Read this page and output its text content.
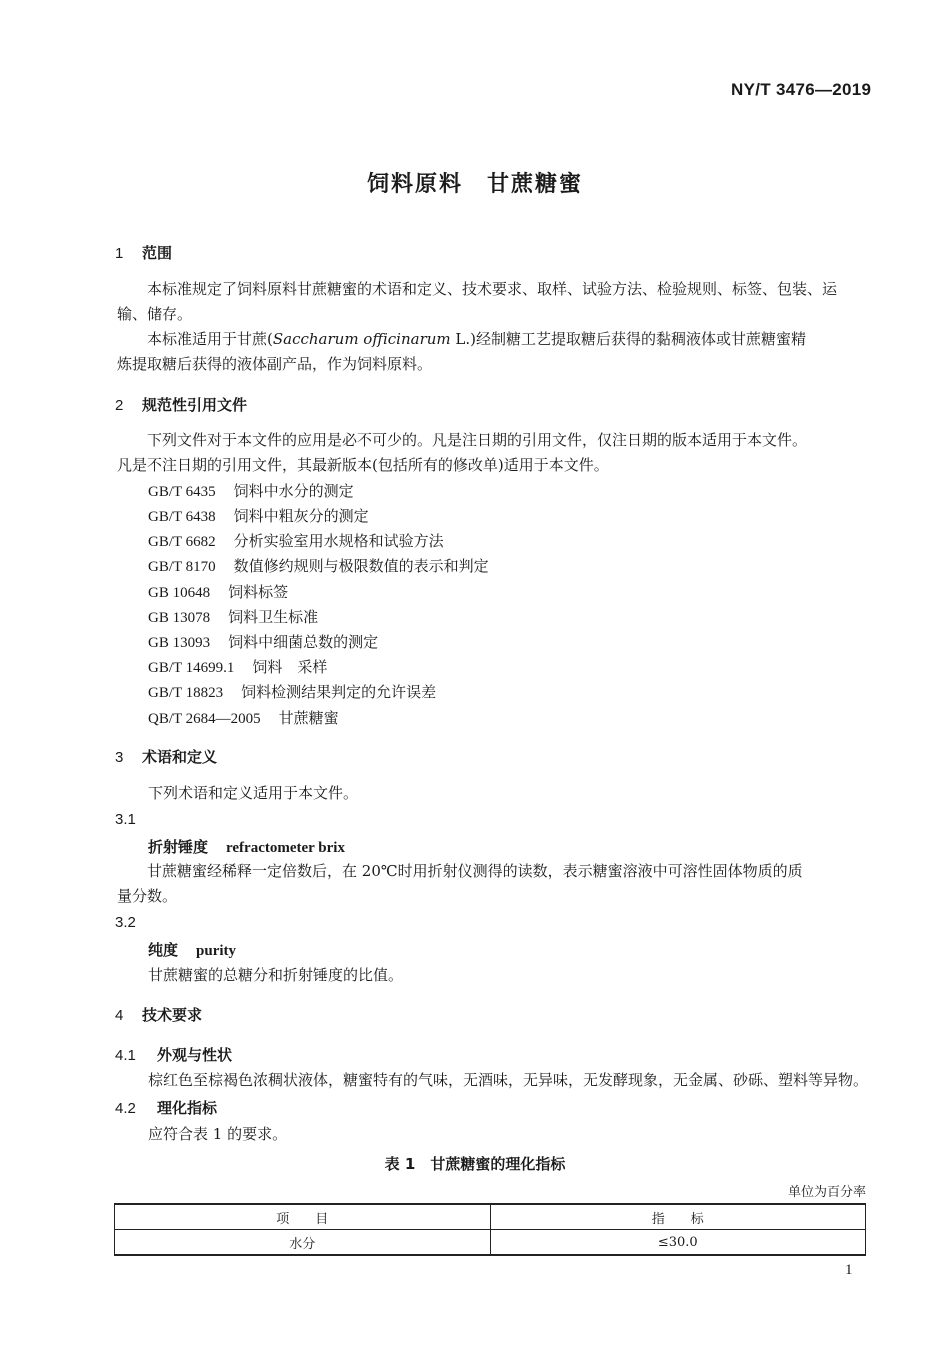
NY/T 3476—2019
饲料原料　甘蔗糖蜜
1 范围
本标准规定了饲料原料甘蔗糖蜜的术语和定义、技术要求、取样、试验方法、检验规则、标签、包装、运
输、储存。
本标准适用于甘蔗(Saccharum officinarum L.)经制糖工艺提取糖后获得的黏稠液体或甘蔗糖蜜精
炼提取糖后获得的液体副产品，作为饲料原料。
2 规范性引用文件
下列文件对于本文件的应用是必不可少的。凡是注日期的引用文件，仅注日期的版本适用于本文件。
凡是不注日期的引用文件，其最新版本(包括所有的修改单)适用于本文件。
GB/T 6435 饲料中水分的测定
GB/T 6438 饲料中粗灰分的测定
GB/T 6682 分析实验室用水规格和试验方法
GB/T 8170 数值修约规则与极限数值的表示和判定
GB 10648 饲料标签
GB 13078 饲料卫生标准
GB 13093 饲料中细菌总数的测定
GB/T 14699.1 饲料　采样
GB/T 18823 饲料检测结果判定的允许误差
QB/T 2684—2005 甘蔗糖蜜
3 术语和定义
下列术语和定义适用于本文件。
3.1
折射锤度 refractometer brix
甘蔗糖蜜经稀释一定倍数后，在 20℃时用折射仪测得的读数，表示糖蜜溶液中可溶性固体物质的质
量分数。
3.2
纯度 purity
甘蔗糖蜜的总糖分和折射锤度的比值。
4 技术要求
4.1 外观与性状
棕红色至棕褐色浓稠状液体，糖蜜特有的气味，无酒味，无异味，无发酵现象，无金属、砂砾、塑料等异物。
4.2 理化指标
应符合表 1 的要求。
表 1　甘蔗糖蜜的理化指标
单位为百分率
项　　目	指　　标
水分	≤30.0
1
